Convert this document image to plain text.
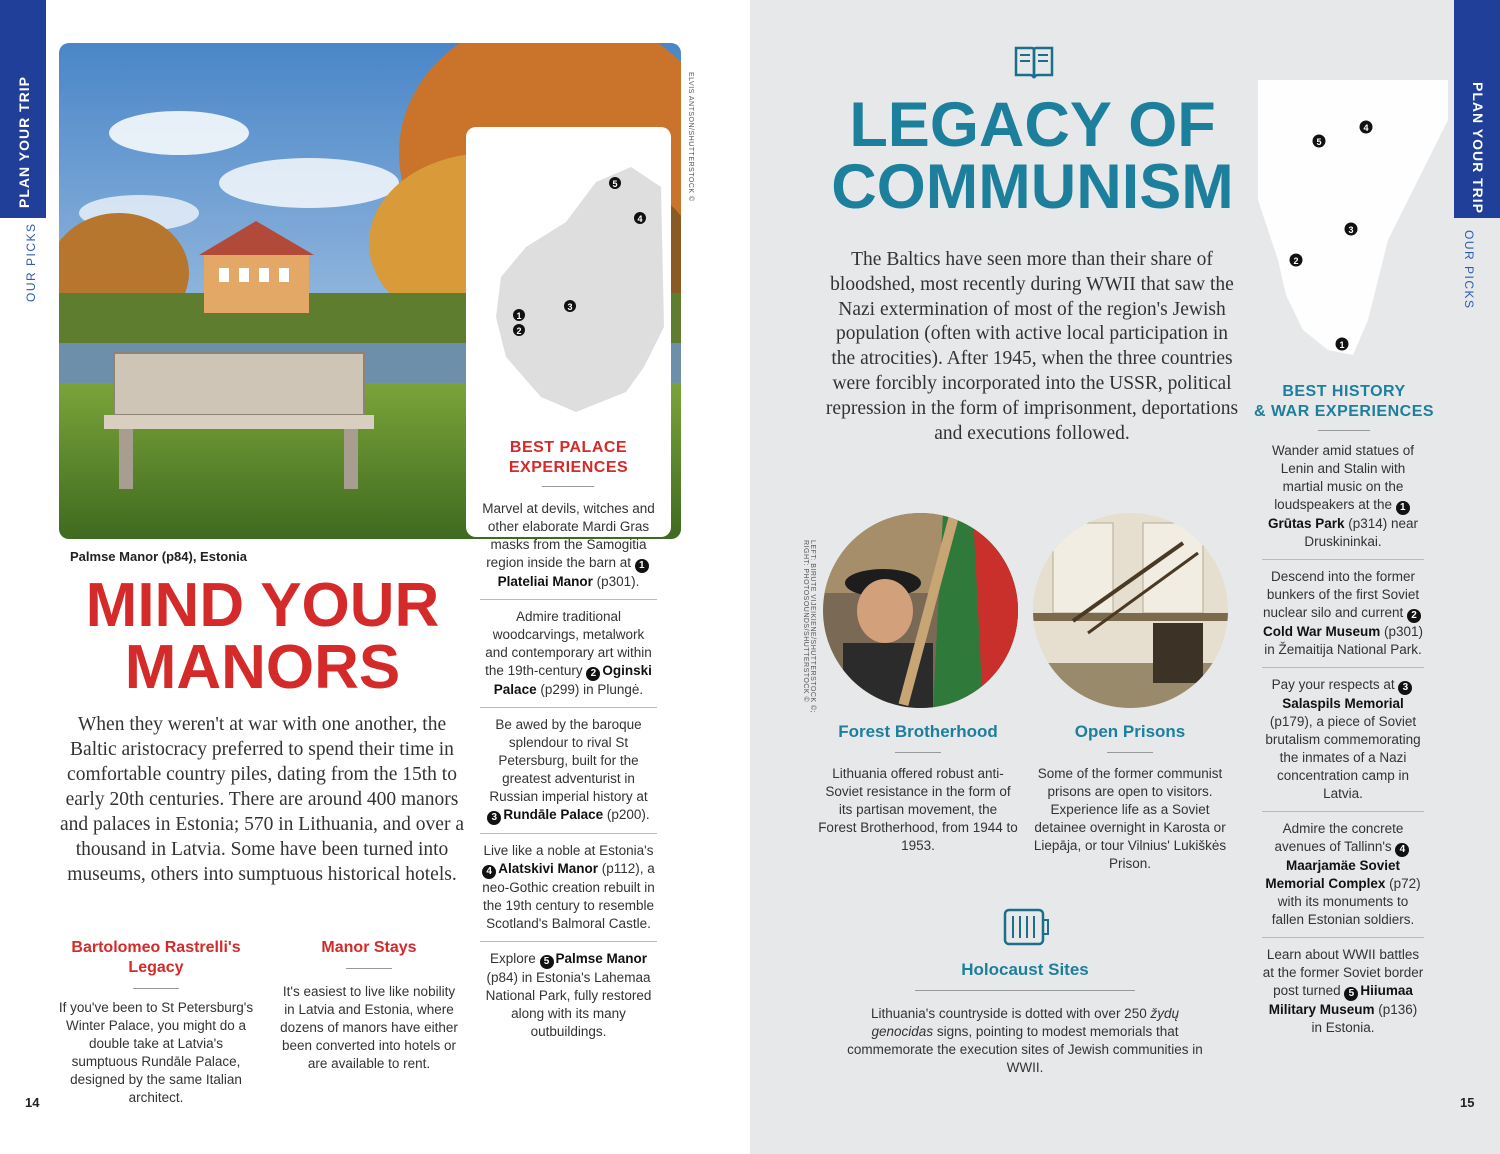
PLAN YOUR TRIP
OUR PICKS
ELVIS ANTSON/SHUTTERSTOCK ©
5
4
3
1
2
BEST PALACE
EXPERIENCES
Marvel at devils, witches and other elaborate Mardi Gras masks from the Samogitia region inside the barn at 1Plateliai Manor (p301).
Admire traditional woodcarvings, metalwork and contemporary art within the 19th-century 2 Oginski Palace (p299) in Plungė.
Be awed by the baroque splendour to rival St Petersburg, built for the greatest adventurist in Russian imperial history at 3 Rundāle Palace (p200).
Live like a noble at Estonia's 4 Alatskivi Manor (p112), a neo-Gothic creation rebuilt in the 19th century to resemble Scotland's Balmoral Castle.
Explore 5 Palmse Manor (p84) in Estonia's Lahemaa National Park, fully restored along with its many outbuildings.
Palmse Manor (p84), Estonia
MIND YOUR
MANORS
When they weren't at war with one another, the Baltic aristocracy preferred to spend their time in comfortable country piles, dating from the 15th to early 20th centuries. There are around 400 manors and palaces in Estonia; 570 in Lithuania, and over a thousand in Latvia. Some have been turned into museums, others into sumptuous historical hotels.
Bartolomeo Rastrelli's Legacy
If you've been to St Petersburg's Winter Palace, you might do a double take at Latvia's sumptuous Rundāle Palace, designed by the same Italian architect.
Manor Stays
It's easiest to live like nobility in Latvia and Estonia, where dozens of manors have either been converted into hotels or are available to rent.
14
PLAN YOUR TRIP
OUR PICKS
LEGACY OF
COMMUNISM
The Baltics have seen more than their share of bloodshed, most recently during WWII that saw the Nazi extermination of most of the region's Jewish population (often with active local participation in the atrocities). After 1945, when the three countries were forcibly incorporated into the USSR, political repression in the form of imprisonment, deportations and executions followed.
LEFT: BIRUTE VIJEIKIENE/SHUTTERSTOCK ©;
RIGHT: PHOTOSOUNDS/SHUTTERSTOCK ©
Forest Brotherhood
Lithuania offered robust anti-Soviet resistance in the form of its partisan movement, the Forest Brotherhood, from 1944 to 1953.
Open Prisons
Some of the former communist prisons are open to visitors. Experience life as a Soviet detainee overnight in Karosta or Liepāja, or tour Vilnius' Lukiškės Prison.
Holocaust Sites
Lithuania's countryside is dotted with over 250 žydų genocidas signs, pointing to modest memorials that commemorate the execution sites of Jewish communities in WWII.
4
5
3
2
1
BEST HISTORY
& WAR EXPERIENCES
Wander amid statues of Lenin and Stalin with martial music on the loudspeakers at the 1Grūtas Park (p314) near Druskininkai.
Descend into the former bunkers of the first Soviet nuclear silo and current 2Cold War Museum (p301) in Žemaitija National Park.
Pay your respects at 3Salaspils Memorial (p179), a piece of Soviet brutalism commemorating the inmates of a Nazi concentration camp in Latvia.
Admire the concrete avenues of Tallinn's 4Maarjamäe Soviet Memorial Complex (p72) with its monuments to fallen Estonian soldiers.
Learn about WWII battles at the former Soviet border post turned 5 Hiiumaa Military Museum (p136) in Estonia.
15
